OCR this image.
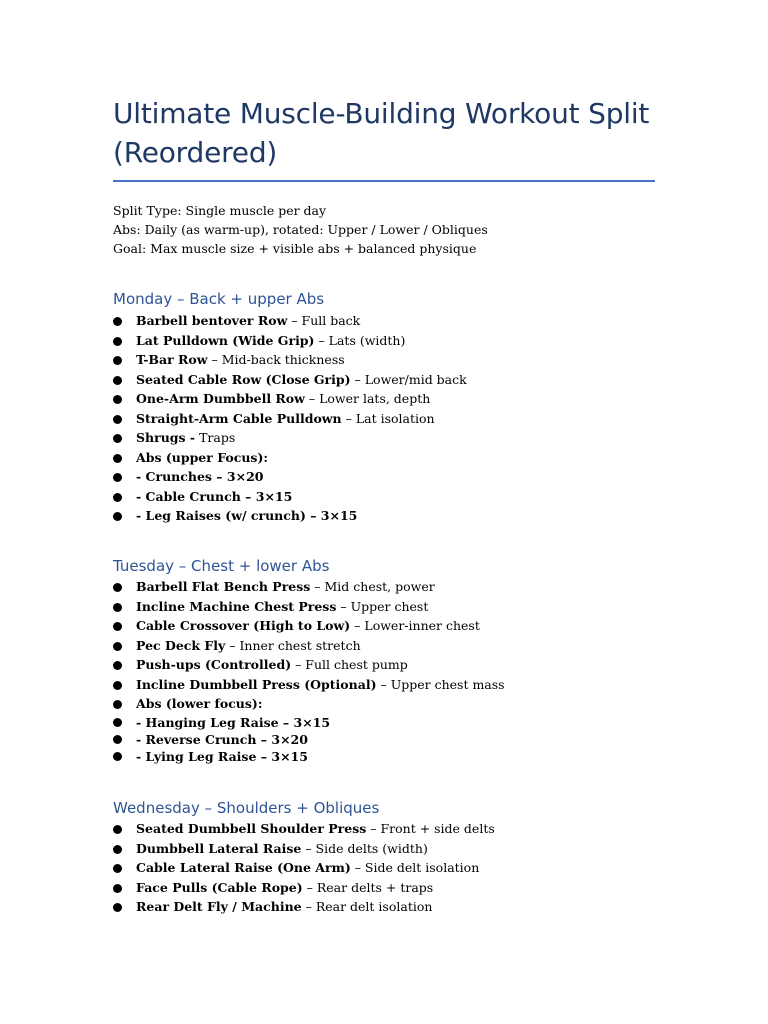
Ultimate Muscle-Building Workout Split (Reordered)
Split Type: Single muscle per day
Abs: Daily (as warm-up), rotated: Upper / Lower / Obliques
Goal: Max muscle size + visible abs + balanced physique
Monday – Back + upper Abs
Barbell bentover Row – Full back
Lat Pulldown (Wide Grip) – Lats (width)
T-Bar Row – Mid-back thickness
Seated Cable Row (Close Grip) – Lower/mid back
One-Arm Dumbbell Row – Lower lats, depth
Straight-Arm Cable Pulldown – Lat isolation
Shrugs - Traps
Abs (upper Focus):
- Crunches – 3×20
- Cable Crunch – 3×15
- Leg Raises (w/ crunch) – 3×15
Tuesday – Chest + lower Abs
Barbell Flat Bench Press – Mid chest, power
Incline Machine Chest Press – Upper chest
Cable Crossover (High to Low) – Lower-inner chest
Pec Deck Fly – Inner chest stretch
Push-ups (Controlled) – Full chest pump
Incline Dumbbell Press (Optional) – Upper chest mass
Abs (lower focus):
- Hanging Leg Raise – 3×15
- Reverse Crunch – 3×20
- Lying Leg Raise – 3×15
Wednesday – Shoulders + Obliques
Seated Dumbbell Shoulder Press – Front + side delts
Dumbbell Lateral Raise – Side delts (width)
Cable Lateral Raise (One Arm) – Side delt isolation
Face Pulls (Cable Rope) – Rear delts + traps
Rear Delt Fly / Machine – Rear delt isolation
